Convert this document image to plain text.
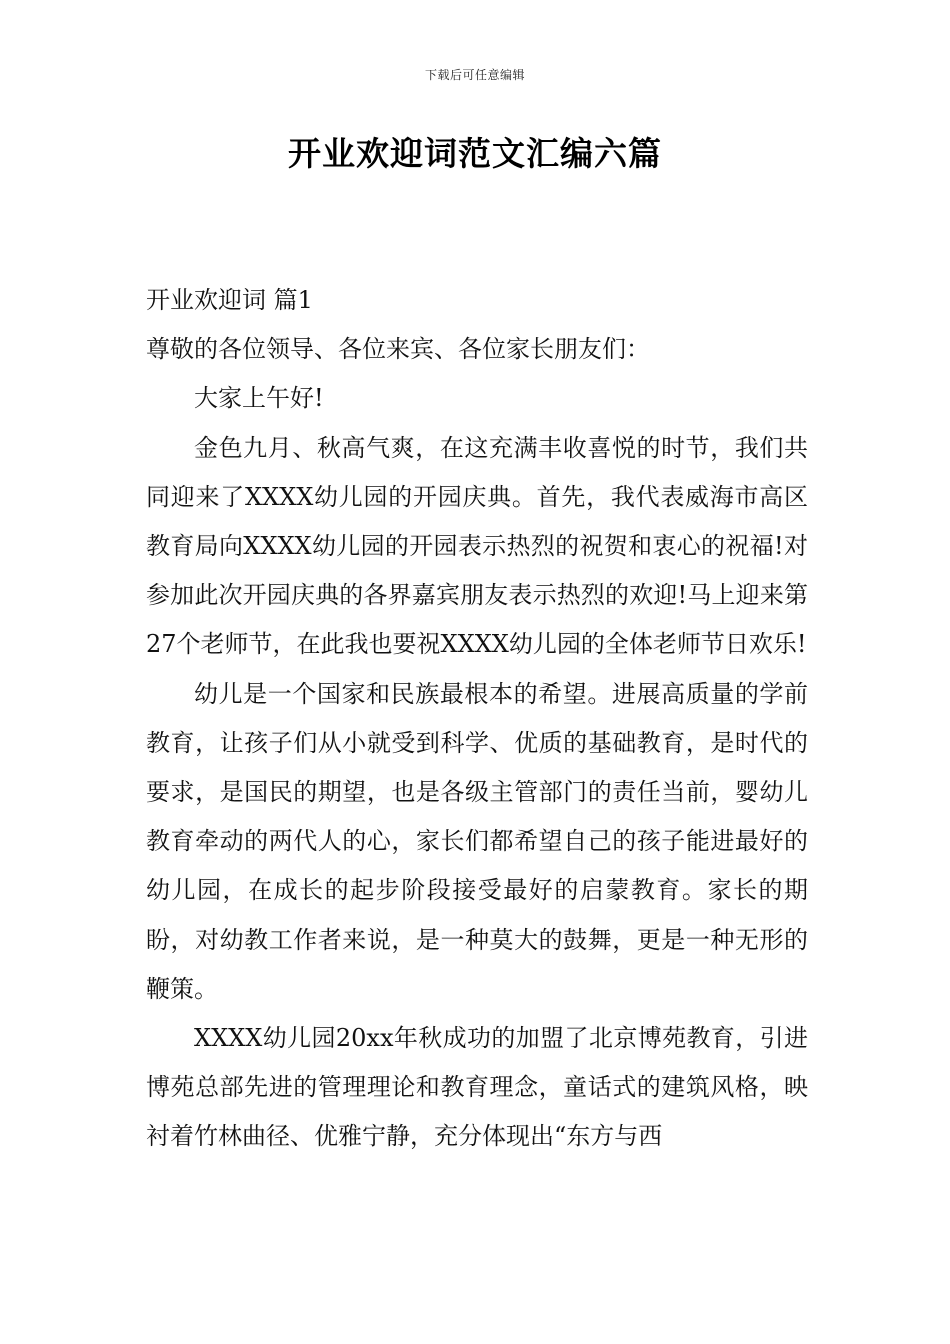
下载后可任意编辑
开业欢迎词范文汇编六篇

开业欢迎词 篇1

尊敬的各位领导、各位来宾、各位家长朋友们：

大家上午好!

金色九月、秋高气爽，在这充满丰收喜悦的时节，我们共同迎来了XXXX幼儿园的开园庆典。首先，我代表威海市高区教育局向XXXX幼儿园的开园表示热烈的祝贺和衷心的祝福!对参加此次开园庆典的各界嘉宾朋友表示热烈的欢迎!马上迎来第27个老师节，在此我也要祝XXXX幼儿园的全体老师节日欢乐!

幼儿是一个国家和民族最根本的希望。进展高质量的学前教育，让孩子们从小就受到科学、优质的基础教育，是时代的要求，是国民的期望，也是各级主管部门的责任当前，婴幼儿教育牵动的两代人的心，家长们都希望自己的孩子能进最好的幼儿园，在成长的起步阶段接受最好的启蒙教育。家长的期盼，对幼教工作者来说，是一种莫大的鼓舞，更是一种无形的鞭策。

XXXX幼儿园20xx年秋成功的加盟了北京博苑教育，引进博苑总部先进的管理理论和教育理念，童话式的建筑风格，映衬着竹林曲径、优雅宁静，充分体现出“东方与西
